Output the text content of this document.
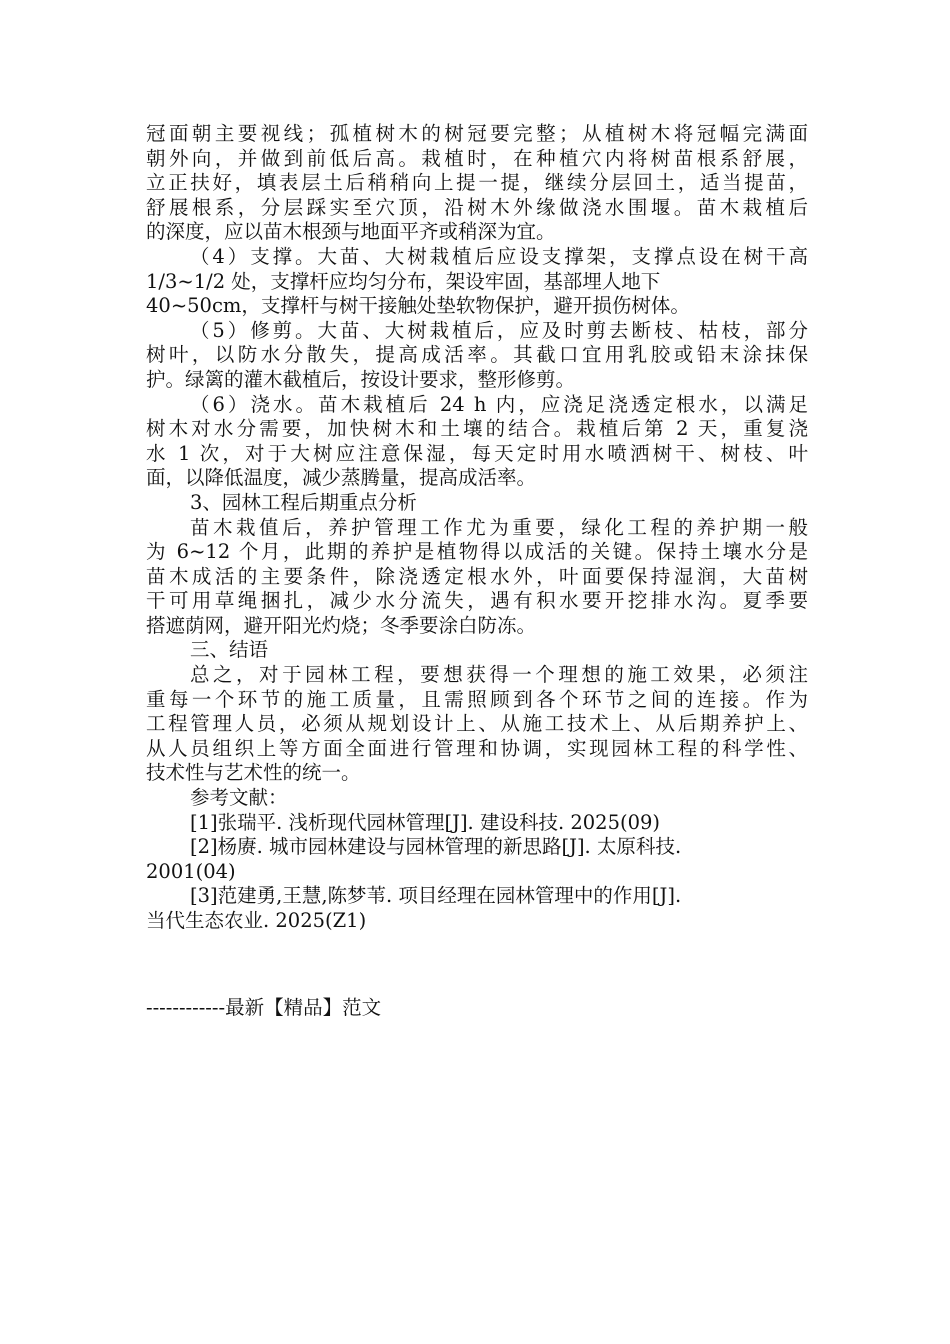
冠面朝主要视线；孤植树木的树冠要完整；从植树木将冠幅完满面
朝外向，并做到前低后高。栽植时，在种植穴内将树苗根系舒展，
立正扶好，填表层土后稍稍向上提一提，继续分层回土，适当提苗，
舒展根系，分层踩实至穴顶，沿树木外缘做浇水围堰。苗木栽植后
的深度，应以苗木根颈与地面平齐或稍深为宜。
（4）支撑。大苗、大树栽植后应设支撑架，支撑点设在树干高
1/3~1/2 处，支撑杆应均匀分布，架设牢固，基部埋人地下
40~50cm，支撑杆与树干接触处垫软物保护，避开损伤树体。
（5）修剪。大苗、大树栽植后，应及时剪去断枝、枯枝，部分
树叶，以防水分散失，提高成活率。其截口宜用乳胶或铅末涂抹保
护。绿篱的灌木截植后，按设计要求，整形修剪。
（6）浇水。苗木栽植后 24 h 内，应浇足浇透定根水，以满足
树木对水分需要，加快树木和土壤的结合。栽植后第 2 天，重复浇
水 1 次，对于大树应注意保湿，每天定时用水喷洒树干、树枝、叶
面，以降低温度，减少蒸腾量，提高成活率。
3、园林工程后期重点分析
苗木栽值后，养护管理工作尤为重要，绿化工程的养护期一般
为 6~12 个月，此期的养护是植物得以成活的关键。保持土壤水分是
苗木成活的主要条件，除浇透定根水外，叶面要保持湿润，大苗树
干可用草绳捆扎，减少水分流失，遇有积水要开挖排水沟。夏季要
搭遮荫网，避开阳光灼烧；冬季要涂白防冻。
三、结语
总之，对于园林工程，要想获得一个理想的施工效果，必须注
重每一个环节的施工质量，且需照顾到各个环节之间的连接。作为
工程管理人员，必须从规划设计上、从施工技术上、从后期养护上、
从人员组织上等方面全面进行管理和协调，实现园林工程的科学性、
技术性与艺术性的统一。
参考文献：
[1]张瑞平. 浅析现代园林管理[J]. 建设科技. 2025(09)
[2]杨赓. 城市园林建设与园林管理的新思路[J]. 太原科技.
2001(04)
[3]范建勇,王慧,陈梦苇. 项目经理在园林管理中的作用[J].
当代生态农业. 2025(Z1)
------------最新【精品】范文
